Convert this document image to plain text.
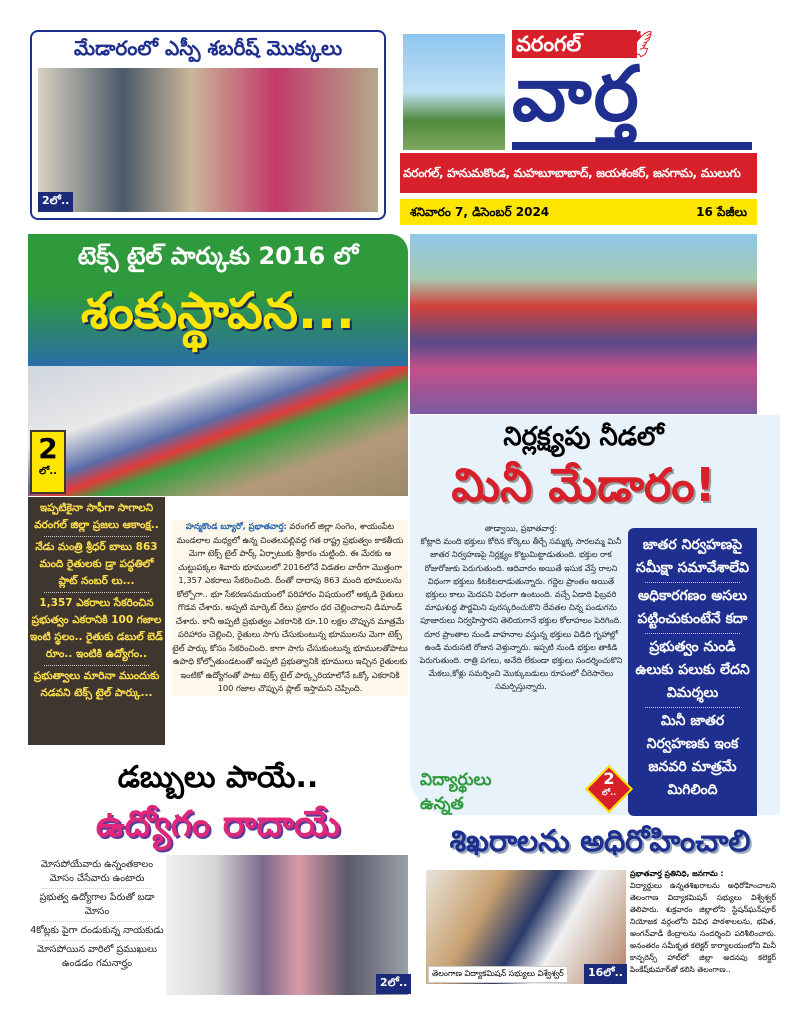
మేడారంలో ఎస్పీ శబరీష్ మొక్కులు
2లో..
వరంగల్	🕊
వార్త
వరంగల్, హనుమకొండ, మహబూబాబాద్, జయశంకర్, జనగామ, ములుగు
శనివారం 7, డిసెంబర్ 2024	16 పేజీలు
టెక్స్ టైల్ పార్కుకు 2016 లో
శంకుస్థాపన...
2
లో..

ఇప్పటికైనా సాఫీగా సాగాలని వరంగల్ జిల్లా ప్రజలు ఆకాంక్ష..

నేడు మంత్రి శ్రీధర్ బాబు 863 మంది రైతులకు డ్రా పద్ధతిలో ప్లాట్ నంబర్ లు...

1,357 ఎకరాలు సేకరించిన ప్రభుత్వం ఎకరానికి 100 గజాల ఇంటి స్థలం.. రైతుకు డబుల్ బెడ్ రూం.. ఇంటికి ఉద్యోగం..

ప్రభుత్వాలు మారినా ముందుకు నడవని టెక్స్ టైల్ పార్కు...

హన్మకొండ బ్యూరో, ప్రభాతవార్త: వరంగల్ జిల్లా సంగెం, శాయంపేట మండలాల మధ్యలో ఉన్న చింతలపల్లివద్ద గత రాష్ట్ర ప్రభుత్వం కాకతీయ మెగా టెక్స్ టైల్ పార్క్ ఏర్పాటుకు శ్రీకారం చుట్టింది. ఈ మేరకు ఆ చుట్టుపక్కల శివారు భూములలో 2016లోనే విడతల వారీగా మొత్తంగా 1,357 ఎకరాలు సేకరించింది. దీంతో దాదాపు 863 మంది భూములను కోల్పోగా.. భూ సేకరణసమయంలో పరిహారం విషయంలో అక్కడి రైతులు గొడవ చేశారు. అప్పటి మార్కెట్ రేటు ప్రకారం ధర చెల్లించాలని డిమాండ్ చేశారు. కానీ అప్పటి ప్రభుత్వం ఎకరానికి రూ.10 లక్షల చొప్పున మాత్రమే పరిహారం చెల్లించి, రైతులు సాగు చేసుకుంటున్న భూములను మెగా టెక్స్ టైల్ పార్కు కోసం సేకరించింది. కాగా సాగు చేసుకుంటున్న భూములతోపాటు ఉపాధి కోల్పోతుండటంతో అప్పటి ప్రభుత్వానికి భూములు ఇచ్చిన రైతులకు ఇంటికో ఉద్యోగంతో పాటు టెక్స్ టైల్ పార్క్పరియాలోనే ఒక్కో ఎకరానికి 100 గజాల చొప్పున ప్లాట్ ఇస్తామని చెప్పింది.
నిర్లక్ష్యపు నీడలో
మినీ మేడారం!
తాడ్వాయి, ప్రభాతవార్త:
కోట్లాది మంది భక్తులు కోరిన కోర్కెలు తీర్చే సమ్మక్క సారలమ్మ మినీ జాతర నిర్వహణపై నిర్లక్ష్యం కొట్టుమిట్టాడుతుంది. భక్తుల రాక రోజురోజుకు పెరుగుతుంది. ఆదివారం అయితే ఇసుక వేస్తే రాలని విధంగా భక్తులు కిటకిటలాడుతున్నారు. గద్దెల ప్రాంతం అయితే భక్తులు కాలు మెదపని విధంగా ఉంటుంది. వచ్చే ఏడాది ఫిబ్రవరి మాఘశుద్ధ పౌర్ణమిని పురస్కరించుకొని దేవతల చిన్న పండుగను పూజారులు నిర్వహిస్తారని తెలియగానే భక్తుల కోలాహలం పెరిగింది. దూర ప్రాంతాల నుండి వాహనాల వస్తున్న భక్తులు విడిది గృహాల్లో ఉండి మరుసటి రోజున వెళ్తున్నారు. ఇప్పటి నుండి భక్తుల తాకిడి పెరుగుతుంది. రాత్రి పగలు, అనేది లేకుండా భక్తులు సందర్శించుకొని మేకలు,కోళ్లు సమర్పించి మొక్కుబడులు రూపంలో చీరెసారెలు సమర్పిస్తున్నారు.

జాతర నిర్వహణపై సమీక్షా సమావేశాలేవి

అధికారగణం అసలు పట్టించుకుంటేనే కదా

ప్రభుత్వం నుండి ఉలుకు పలుకు లేదని విమర్శలు

మినీ జాతర నిర్వహణకు ఇంక జనవరి మాత్రమే మిగిలింది

2
లో..
విద్యార్థులు
ఉన్నత
డబ్బులు పాయే..
ఉద్యోగం రాదాయే

మోసపోయేవారు ఉన్నంతకాలం మోసం చేసేవారు ఉంటారు

ప్రభుత్వ ఉద్యోగాల పేరుతో బడా మోసం

4కోట్లకు పైగా దండుకున్న నాయకుడు

మోసపోయిన వారిలో ప్రముఖులు ఉండడం గమనార్హం

2లో..
శిఖరాలను అధిరోహించాలి
తెలంగాణ విద్యాకమిషన్ సభ్యులు విశ్వేశ్వర్	16లో..
ప్రభాతవార్త ప్రతినిధి, జనగామ :
విద్యార్థులు ఉన్నతశిఖరాలను అధిరోహించాలని తెలంగాణ విద్యాకమిషన్ సభ్యులు విశ్వేశ్వర్ తెలిపారు. శుక్రవారం జిల్లాలోని స్టేషన్‌ఘన్‌పూర్ నియోజక వర్గంలోని వివిధ పాఠశాలలను, భవిత, అంగన్‌వాడీ కేంద్రాలను సందర్శించి పరిశీలించారు. అనంతరం సమీకృత కలెక్టర్ కార్యాలయంలోని మినీ కాన్ఫరెన్స్ హాల్‌లో జిల్లా అదనపు కలెక్టర్ పింకేష్‌కుమార్‌తో కలిసి తెలంగాణ..
